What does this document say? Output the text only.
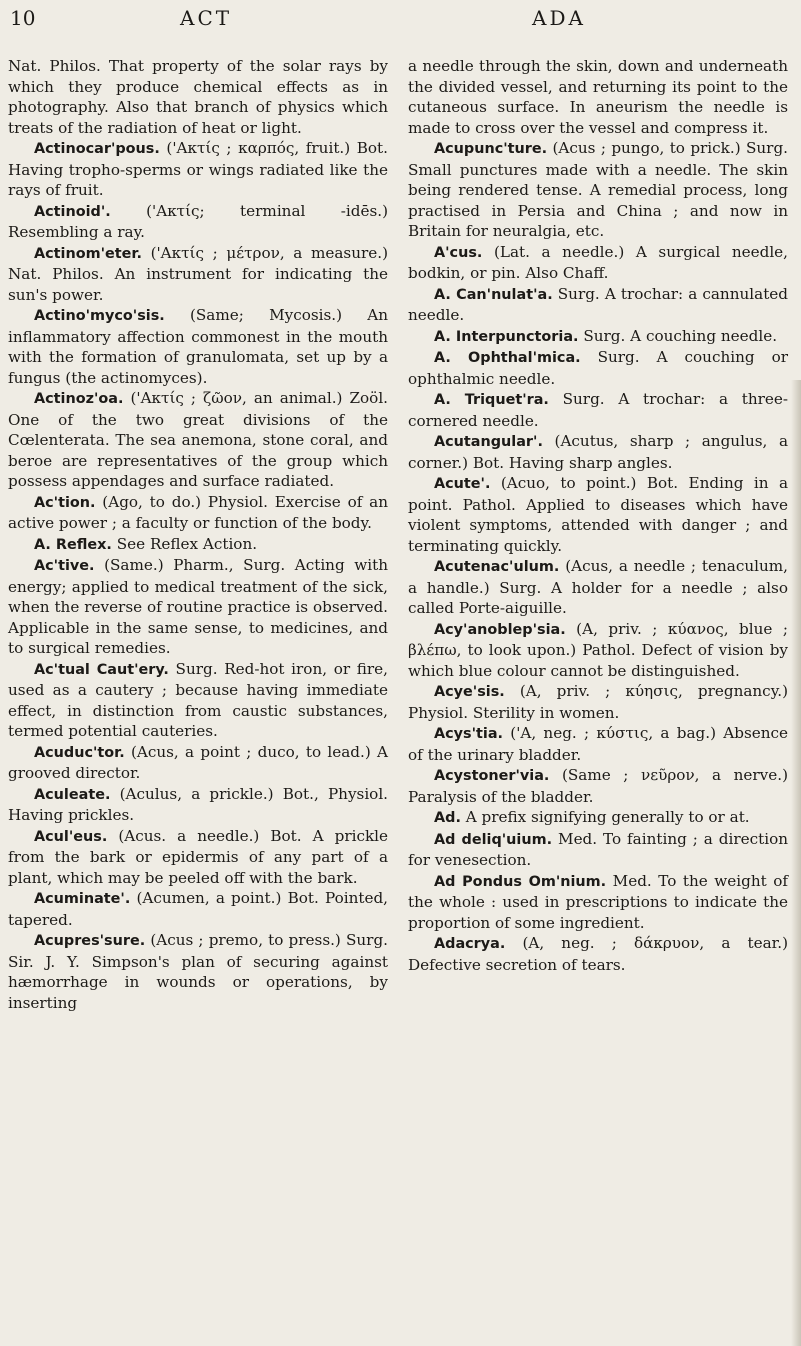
10	ACT	ADA

Nat. Philos. That property of the solar rays by which they produce chemical effects as in photography. Also that branch of physics which treats of the radiation of heat or light.

Actinocar'pous. ('Ακτίς ; καρπός, fruit.) Bot. Having tropho-sperms or wings radiated like the rays of fruit.

Actinoid'. ('Ακτίς; terminal -idēs.) Resembling a ray.

Actinom'eter. ('Ακτίς ; μέτρον, a measure.) Nat. Philos. An instrument for indicating the sun's power.

Actino'myco'sis. (Same; Mycosis.) An inflammatory affection commonest in the mouth with the formation of granulomata, set up by a fungus (the actinomyces).

Actinoz'oa. ('Ακτίς ; ζῶον, an animal.) Zoöl. One of the two great divisions of the Cœlenterata. The sea anemona, stone coral, and beroe are representatives of the group which possess appendages and surface radiated.

Ac'tion. (Ago, to do.) Physiol. Exercise of an active power ; a faculty or function of the body.

A. Reflex. See Reflex Action.

Ac'tive. (Same.) Pharm., Surg. Acting with energy; applied to medical treatment of the sick, when the reverse of routine practice is observed. Applicable in the same sense, to medicines, and to surgical remedies.

Ac'tual Caut'ery. Surg. Red-hot iron, or fire, used as a cautery ; because having immediate effect, in distinction from caustic substances, termed potential cauteries.

Acuduc'tor. (Acus, a point ; duco, to lead.) A grooved director.

Aculeate. (Aculus, a prickle.) Bot., Physiol. Having prickles.

Acul'eus. (Acus. a needle.) Bot. A prickle from the bark or epidermis of any part of a plant, which may be peeled off with the bark.

Acuminate'. (Acumen, a point.) Bot. Pointed, tapered.

Acupres'sure. (Acus ; premo, to press.) Surg. Sir. J. Y. Simpson's plan of securing against hæmorrhage in wounds or operations, by inserting

a needle through the skin, down and underneath the divided vessel, and returning its point to the cutaneous surface. In aneurism the needle is made to cross over the vessel and compress it.

Acupunc'ture. (Acus ; pungo, to prick.) Surg. Small punctures made with a needle. The skin being rendered tense. A remedial process, long practised in Persia and China ; and now in Britain for neuralgia, etc.

A'cus. (Lat. a needle.) A surgical needle, bodkin, or pin. Also Chaff.

A. Can'nulat'a. Surg. A trochar: a cannulated needle.

A. Interpunctoria. Surg. A couching needle.

A. Ophthal'mica. Surg. A couching or ophthalmic needle.

A. Triquet'ra. Surg. A trochar: a three-cornered needle.

Acutangular'. (Acutus, sharp ; angulus, a corner.) Bot. Having sharp angles.

Acute'. (Acuo, to point.) Bot. Ending in a point. Pathol. Applied to diseases which have violent symptoms, attended with danger ; and terminating quickly.

Acutenac'ulum. (Acus, a needle ; tenaculum, a handle.) Surg. A holder for a needle ; also called Porte-aiguille.

Acy'anoblep'sia. (A, priv. ; κύανος, blue ; βλέπω, to look upon.) Pathol. Defect of vision by which blue colour cannot be distinguished.

Acye'sis. (A, priv. ; κύησις, pregnancy.) Physiol. Sterility in women.

Acys'tia. ('A, neg. ; κύστις, a bag.) Absence of the urinary bladder.

Acystoner'via. (Same ; νεῦρον, a nerve.) Paralysis of the bladder.

Ad. A prefix signifying generally to or at.

Ad deliq'uium. Med. To fainting ; a direction for venesection.

Ad Pondus Om'nium. Med. To the weight of the whole : used in prescriptions to indicate the proportion of some ingredient.

Adacrya. (A, neg. ; δάκρυον, a tear.) Defective secretion of tears.
